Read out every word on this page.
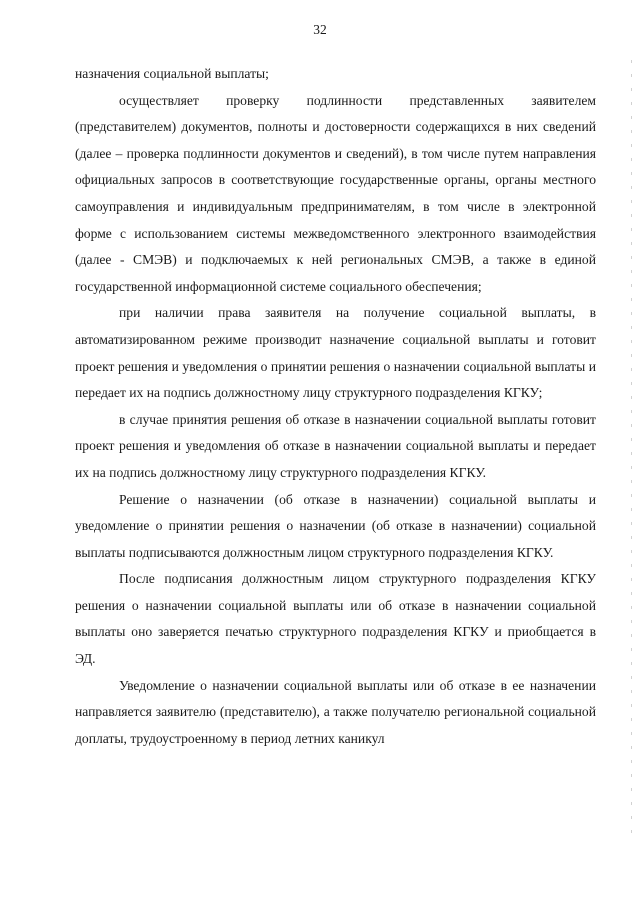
32

назначения социальной выплаты;

осуществляет проверку подлинности представленных заявителем (представителем) документов, полноты и достоверности содержащихся в них сведений (далее – проверка подлинности документов и сведений), в том числе путем направления официальных запросов в соответствующие государственные органы, органы местного самоуправления и индивидуальным предпринимателям, в том числе в электронной форме с использованием системы межведомственного электронного взаимодействия (далее - СМЭВ) и подключаемых к ней региональных СМЭВ, а также в единой государственной информационной системе социального обеспечения;

при наличии права заявителя на получение социальной выплаты, в автоматизированном режиме производит назначение социальной выплаты и готовит проект решения и уведомления о принятии решения о назначении социальной выплаты и передает их на подпись должностному лицу структурного подразделения КГКУ;

в случае принятия решения об отказе в назначении социальной выплаты готовит проект решения и уведомления об отказе в назначении социальной выплаты и передает их на подпись должностному лицу структурного подразделения КГКУ.

Решение о назначении (об отказе в назначении) социальной выплаты и уведомление о принятии решения о назначении (об отказе в назначении) социальной выплаты подписываются должностным лицом структурного подразделения КГКУ.

После подписания должностным лицом структурного подразделения КГКУ решения о назначении социальной выплаты или об отказе в назначении социальной выплаты оно заверяется печатью структурного подразделения КГКУ и приобщается в ЭД.

Уведомление о назначении социальной выплаты или об отказе в ее назначении направляется заявителю (представителю), а также получателю региональной социальной доплаты, трудоустроенному в период летних каникул
